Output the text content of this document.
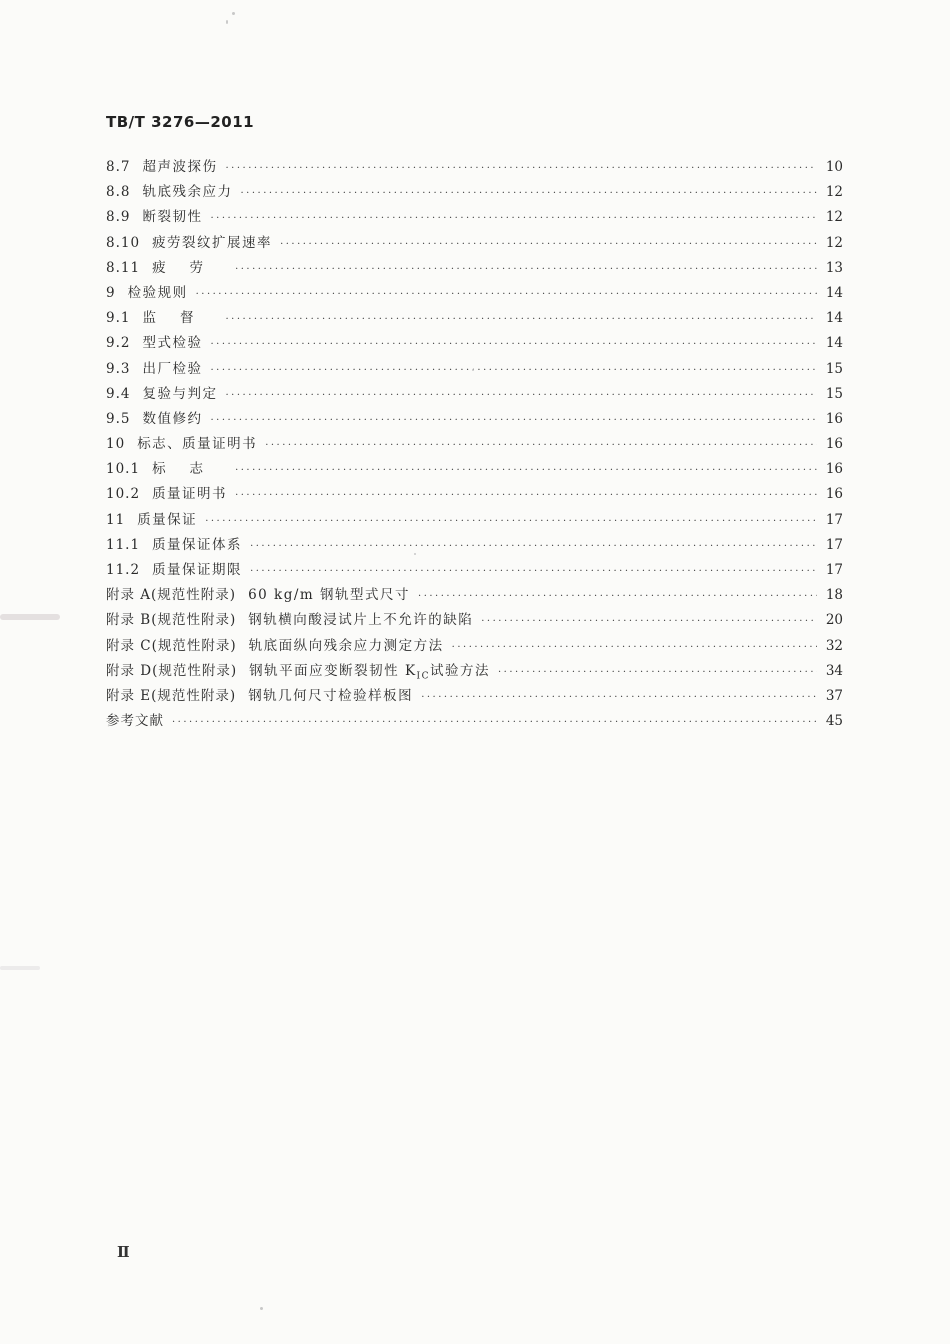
TB/T 3276—2011
8.7 超声波探伤 ·····	10
8.8 轨底残余应力 ·····	12
8.9 断裂韧性 ·····	12
8.10 疲劳裂纹扩展速率 ·····	12
8.11 疲劳 ·····	13
9 检验规则 ·····	14
9.1 监督 ·····	14
9.2 型式检验 ·····	14
9.3 出厂检验 ·····	15
9.4 复验与判定 ·····	15
9.5 数值修约 ·····	16
10 标志、质量证明书 ·····	16
10.1 标志 ·····	16
10.2 质量证明书 ·····	16
11 质量保证 ·····	17
11.1 质量保证体系 ·····	17
11.2 质量保证期限 ·····	17
附录 A(规范性附录) 60 kg/m 钢轨型式尺寸 ·····	18
附录 B(规范性附录) 钢轨横向酸浸试片上不允许的缺陷 ·····	20
附录 C(规范性附录) 轨底面纵向残余应力测定方法 ·····	32
附录 D(规范性附录) 钢轨平面应变断裂韧性 $K_{IC}$试验方法 ·····	34
附录 E(规范性附录) 钢轨几何尺寸检验样板图 ·····	37
参考文献 ·····	45
Ⅱ
